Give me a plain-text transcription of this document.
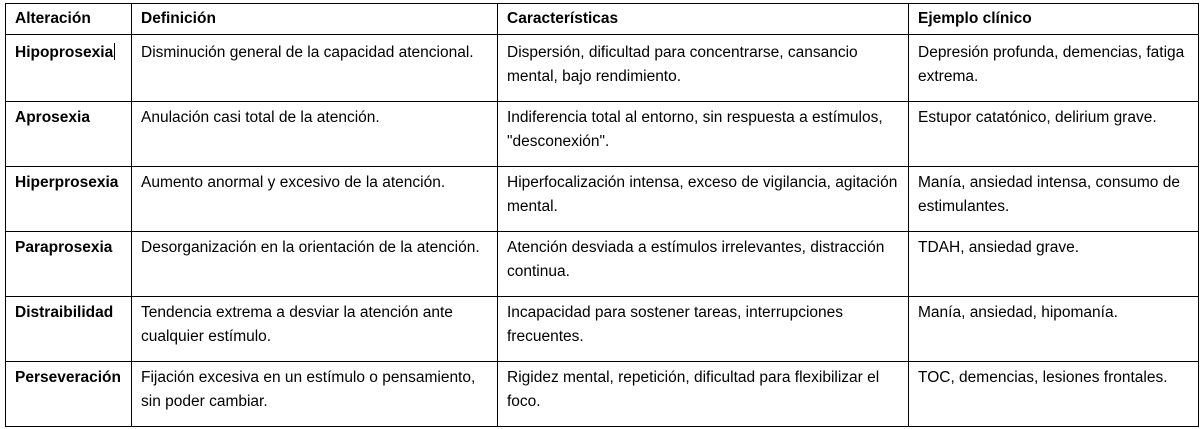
Alteración	Definición	Características	Ejemplo clínico
Hipoprosexia	Disminución general de la capacidad atencional.	Dispersión, dificultad para concentrarse, cansancio mental, bajo rendimiento.	Depresión profunda, demencias, fatiga extrema.
Aprosexia	Anulación casi total de la atención.	Indiferencia total al entorno, sin respuesta a estímulos, "desconexión".	Estupor catatónico, delirium grave.
Hiperprosexia	Aumento anormal y excesivo de la atención.	Hiperfocalización intensa, exceso de vigilancia, agitación mental.	Manía, ansiedad intensa, consumo de estimulantes.
Paraprosexia	Desorganización en la orientación de la atención.	Atención desviada a estímulos irrelevantes, distracción continua.	TDAH, ansiedad grave.
Distraibilidad	Tendencia extrema a desviar la atención ante cualquier estímulo.	Incapacidad para sostener tareas, interrupciones frecuentes.	Manía, ansiedad, hipomanía.
Perseveración	Fijación excesiva en un estímulo o pensamiento, sin poder cambiar.	Rigidez mental, repetición, dificultad para flexibilizar el foco.	TOC, demencias, lesiones frontales.
